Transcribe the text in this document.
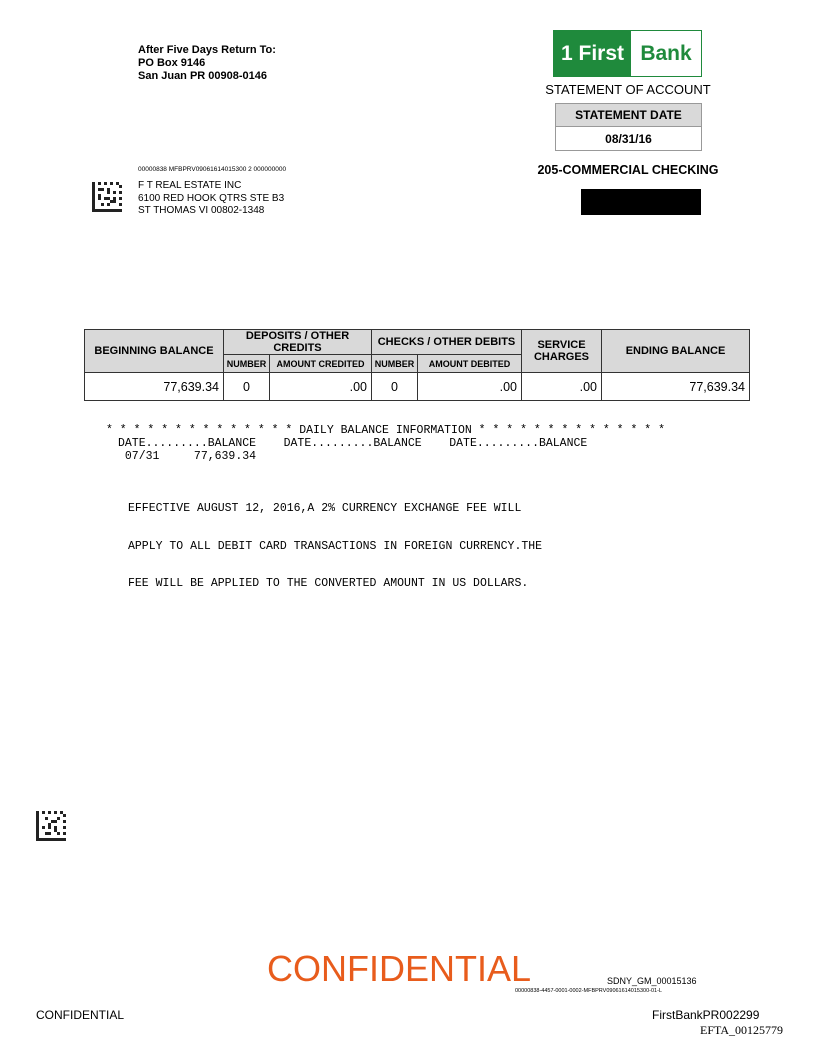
After Five Days Return To:
PO Box 9146
San Juan PR 00908-0146
1 First Bank
STATEMENT OF ACCOUNT
STATEMENT DATE
08/31/16
205-COMMERCIAL CHECKING
00000838 MFBPRV09061614015300 2 000000000
F T REAL ESTATE INC
6100 RED HOOK QTRS STE B3
ST THOMAS VI 00802-1348
BEGINNING BALANCE	DEPOSITS / OTHER CREDITS		CHECKS / OTHER DEBITS		SERVICE CHARGES	ENDING BALANCE
	NUMBER	AMOUNT CREDITED	NUMBER	AMOUNT DEBITED		
77,639.34	0	.00	0	.00	.00	77,639.34
* * * * * * * * * * * * * * DAILY BALANCE INFORMATION * * * * * * * * * * * * * *
DATE.........BALANCE    DATE.........BALANCE    DATE.........BALANCE
07/31     77,639.34

EFFECTIVE AUGUST 12, 2016,A 2% CURRENCY EXCHANGE FEE WILL

APPLY TO ALL DEBIT CARD TRANSACTIONS IN FOREIGN CURRENCY.THE

FEE WILL BE APPLIED TO THE CONVERTED AMOUNT IN US DOLLARS.

CONFIDENTIAL	SDNY_GM_00015136
00000838-4457-0001-0002-MFBPRV09061614015300-01-L
CONFIDENTIAL	FirstBankPR002299
EFTA_00125779
